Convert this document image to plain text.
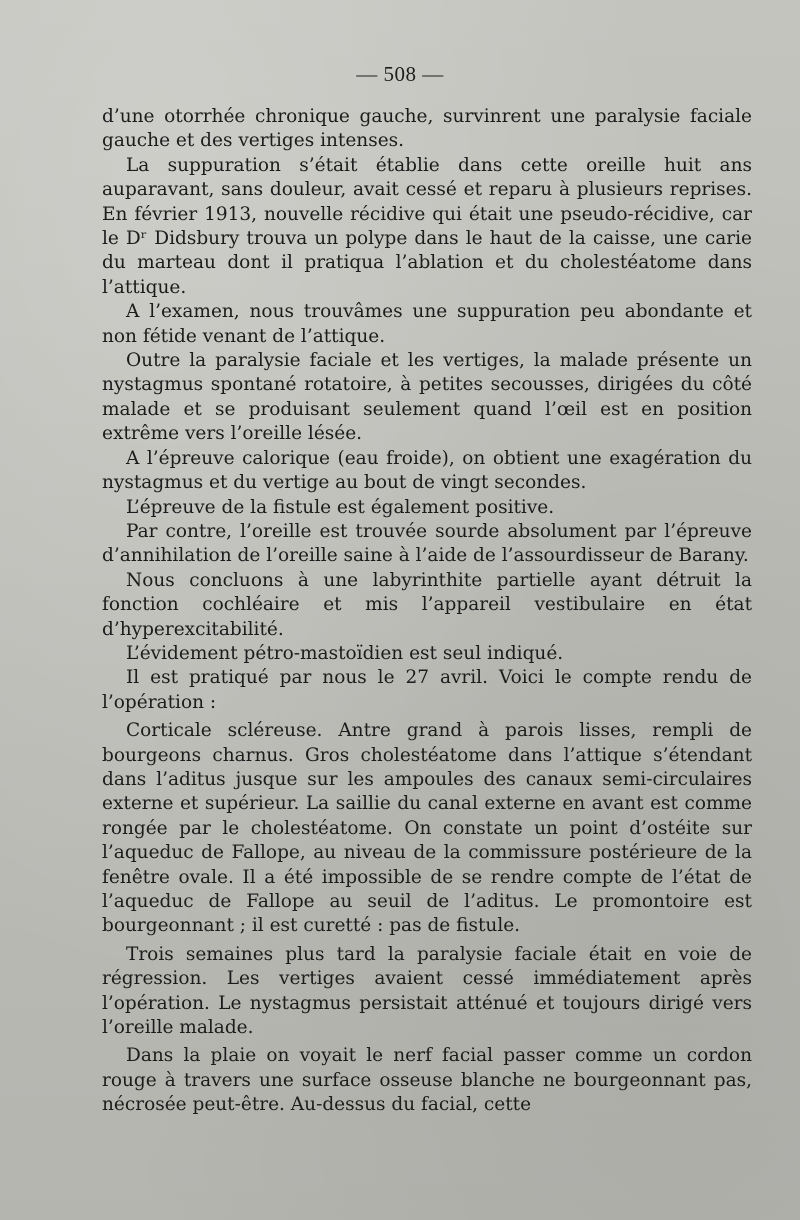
— 508 —

d’une otorrhée chronique gauche, survinrent une paralysie faciale gauche et des vertiges intenses.

La suppuration s’était établie dans cette oreille huit ans auparavant, sans douleur, avait cessé et reparu à plusieurs reprises. En février 1913, nouvelle récidive qui était une pseudo-récidive, car le Dʳ Didsbury trouva un polype dans le haut de la caisse, une carie du marteau dont il pratiqua l’ablation et du cholestéatome dans l’attique.

A l’examen, nous trouvâmes une suppuration peu abondante et non fétide venant de l’attique.

Outre la paralysie faciale et les vertiges, la malade présente un nystagmus spontané rotatoire, à petites secousses, dirigées du côté malade et se produisant seulement quand l’œil est en position extrême vers l’oreille lésée.

A l’épreuve calorique (eau froide), on obtient une exagération du nystagmus et du vertige au bout de vingt secondes.

L’épreuve de la fistule est également positive.

Par contre, l’oreille est trouvée sourde absolument par l’épreuve d’annihilation de l’oreille saine à l’aide de l’assourdisseur de Barany.

Nous concluons à une labyrinthite partielle ayant détruit la fonction cochléaire et mis l’appareil vestibulaire en état d’hyperexcitabilité.

L’évidement pétro-mastoïdien est seul indiqué.

Il est pratiqué par nous le 27 avril. Voici le compte rendu de l’opération :

Corticale scléreuse. Antre grand à parois lisses, rempli de bourgeons charnus. Gros cholestéatome dans l’attique s’étendant dans l’aditus jusque sur les ampoules des canaux semi-circulaires externe et supérieur. La saillie du canal externe en avant est comme rongée par le cholestéatome. On constate un point d’ostéite sur l’aqueduc de Fallope, au niveau de la commissure postérieure de la fenêtre ovale. Il a été impossible de se rendre compte de l’état de l’aqueduc de Fallope au seuil de l’aditus. Le promontoire est bourgeonnant ; il est curetté : pas de fistule.

Trois semaines plus tard la paralysie faciale était en voie de régression. Les vertiges avaient cessé immédiatement après l’opération. Le nystagmus persistait atténué et toujours dirigé vers l’oreille malade.

Dans la plaie on voyait le nerf facial passer comme un cordon rouge à travers une surface osseuse blanche ne bourgeonnant pas, nécrosée peut-être. Au-dessus du facial, cette
